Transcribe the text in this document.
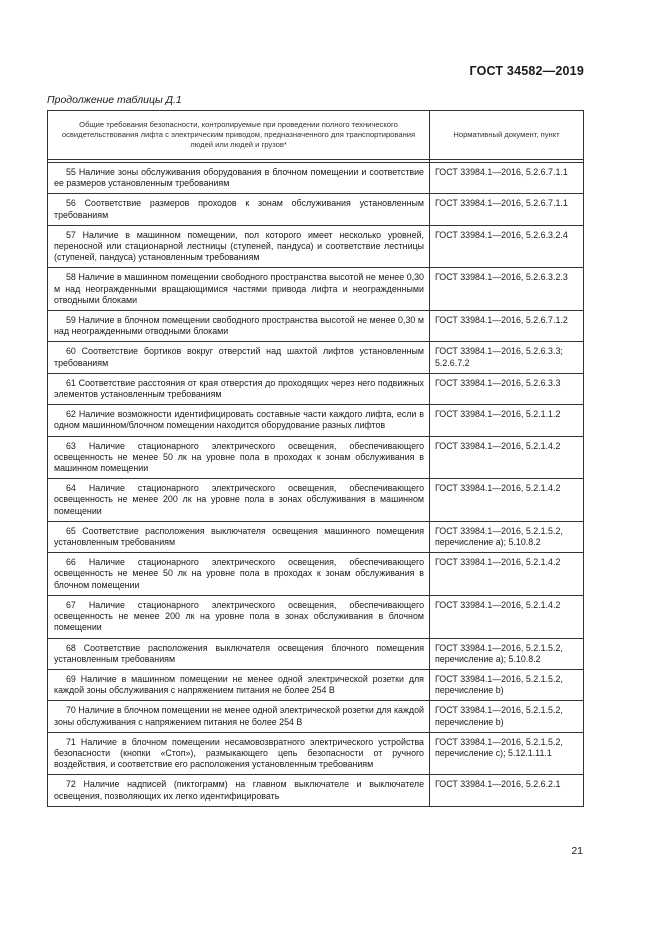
ГОСТ 34582—2019
Продолжение таблицы Д.1
Общие требования безопасности, контролируемые при проведении полного технического освидетельствования лифта с электрическим приводом, предназначенного для транспортирования людей или людей и грузов*	Нормативный документ, пункт

55 Наличие зоны обслуживания оборудования в блочном помещении и соответствие ее размеров установленным требованиям	ГОСТ 33984.1—2016, 5.2.6.7.1.1
56 Соответствие размеров проходов к зонам обслуживания установленным требованиям	ГОСТ 33984.1—2016, 5.2.6.7.1.1
57 Наличие в машинном помещении, пол которого имеет несколько уровней, переносной или стационарной лестницы (ступеней, пандуса) и соответствие лестницы (ступеней, пандуса) установленным требованиям	ГОСТ 33984.1—2016, 5.2.6.3.2.4
58 Наличие в машинном помещении свободного пространства высотой не менее 0,30 м над неогражденными вращающимися частями привода лифта и неогражденными отводными блоками	ГОСТ 33984.1—2016, 5.2.6.3.2.3
59 Наличие в блочном помещении свободного пространства высотой не менее 0,30 м над неогражденными отводными блоками	ГОСТ 33984.1—2016, 5.2.6.7.1.2
60 Соответствие бортиков вокруг отверстий над шахтой лифтов установленным требованиям	ГОСТ 33984.1—2016, 5.2.6.3.3; 5.2.6.7.2
61 Соответствие расстояния от края отверстия до проходящих через него подвижных элементов установленным требованиям	ГОСТ 33984.1—2016, 5.2.6.3.3
62 Наличие возможности идентифицировать составные части каждого лифта, если в одном машинном/блочном помещении находится оборудование разных лифтов	ГОСТ 33984.1—2016, 5.2.1.1.2
63 Наличие стационарного электрического освещения, обеспечивающего освещенность не менее 50 лк на уровне пола в проходах к зонам обслуживания в машинном помещении	ГОСТ 33984.1—2016, 5.2.1.4.2
64 Наличие стационарного электрического освещения, обеспечивающего освещенность не менее 200 лк на уровне пола в зонах обслуживания в машинном помещении	ГОСТ 33984.1—2016, 5.2.1.4.2
65 Соответствие расположения выключателя освещения машинного помещения установленным требованиям	ГОСТ 33984.1—2016, 5.2.1.5.2, перечисление а); 5.10.8.2
66 Наличие стационарного электрического освещения, обеспечивающего освещенность не менее 50 лк на уровне пола в проходах к зонам обслуживания в блочном помещении	ГОСТ 33984.1—2016, 5.2.1.4.2
67 Наличие стационарного электрического освещения, обеспечивающего освещенность не менее 200 лк на уровне пола в зонах обслуживания в блочном помещении	ГОСТ 33984.1—2016, 5.2.1.4.2
68 Соответствие расположения выключателя освещения блочного помещения установленным требованиям	ГОСТ 33984.1—2016, 5.2.1.5.2, перечисление а); 5.10.8.2
69 Наличие в машинном помещении не менее одной электрической розетки для каждой зоны обслуживания с напряжением питания не более 254 В	ГОСТ 33984.1—2016, 5.2.1.5.2, перечисление b)
70 Наличие в блочном помещении не менее одной электрической розетки для каждой зоны обслуживания с напряжением питания не более 254 В	ГОСТ 33984.1—2016, 5.2.1.5.2, перечисление b)
71 Наличие в блочном помещении несамовозвратного электрического устройства безопасности (кнопки «Стоп»), размыкающего цепь безопасности от ручного воздействия, и соответствие его расположения установленным требованиям	ГОСТ 33984.1—2016, 5.2.1.5.2, перечисление с); 5.12.1.11.1
72 Наличие надписей (пиктограмм) на главном выключателе и выключателе освещения, позволяющих их легко идентифицировать	ГОСТ 33984.1—2016, 5.2.6.2.1
21
